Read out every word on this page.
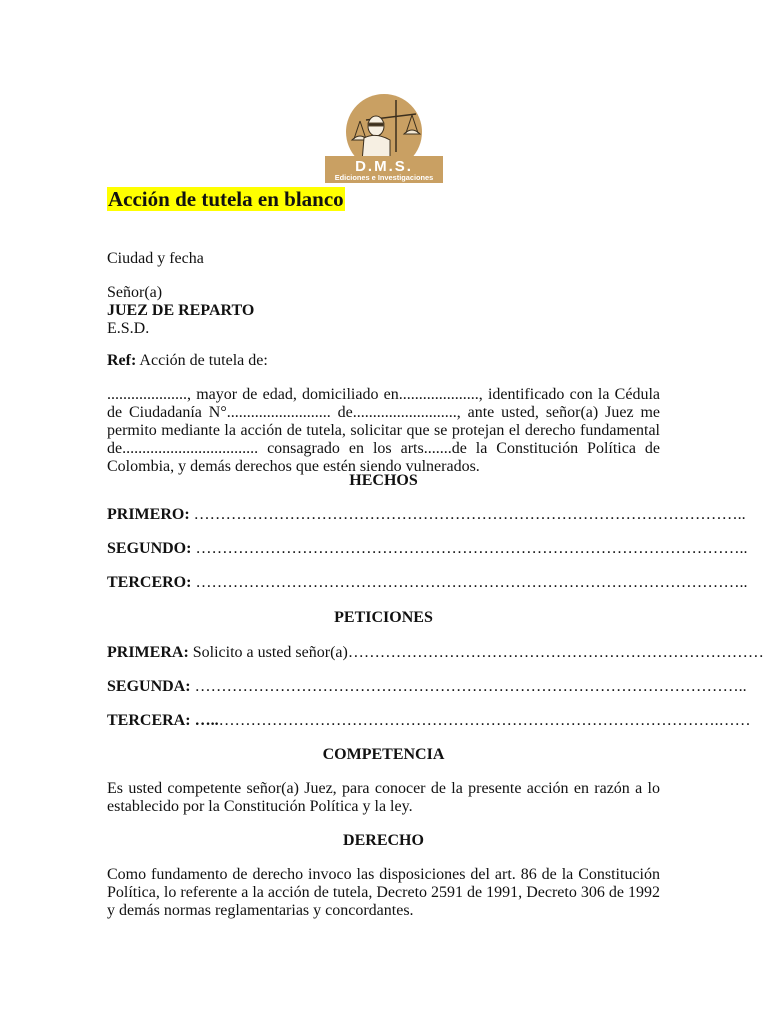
D.M.S.
Ediciones e Investigaciones
Acción de tutela en blanco
Ciudad y fecha
Señor(a)
JUEZ DE REPARTO
E.S.D.
Ref: Acción de tutela de:
...................., mayor de edad, domiciliado en...................., identificado con la Cédula de Ciudadanía N°.......................... de.........................., ante usted, señor(a) Juez me permito mediante la acción de tutela, solicitar que se protejan el derecho fundamental de.................................. consagrado en los arts.......de la Constitución Política de Colombia, y demás derechos que estén siendo vulnerados.
HECHOS
PRIMERO: …………………………………………………………………………………………..
SEGUNDO: …………………………………………………………………………………………..
TERCERO: …………………………………………………………………………………………..
PETICIONES
PRIMERA: Solicito a usted señor(a)……………………………………………………………………
SEGUNDA: …………………………………………………………………………………………..
TERCERA: …..………………………………………………………………………………….……
COMPETENCIA
Es usted competente señor(a) Juez, para conocer de la presente acción en razón a lo establecido por la Constitución Política y la ley.
DERECHO
Como fundamento de derecho invoco las disposiciones del art. 86 de la Constitución Política, lo referente a la acción de tutela, Decreto 2591 de 1991, Decreto 306 de 1992 y demás normas reglamentarias y concordantes.
